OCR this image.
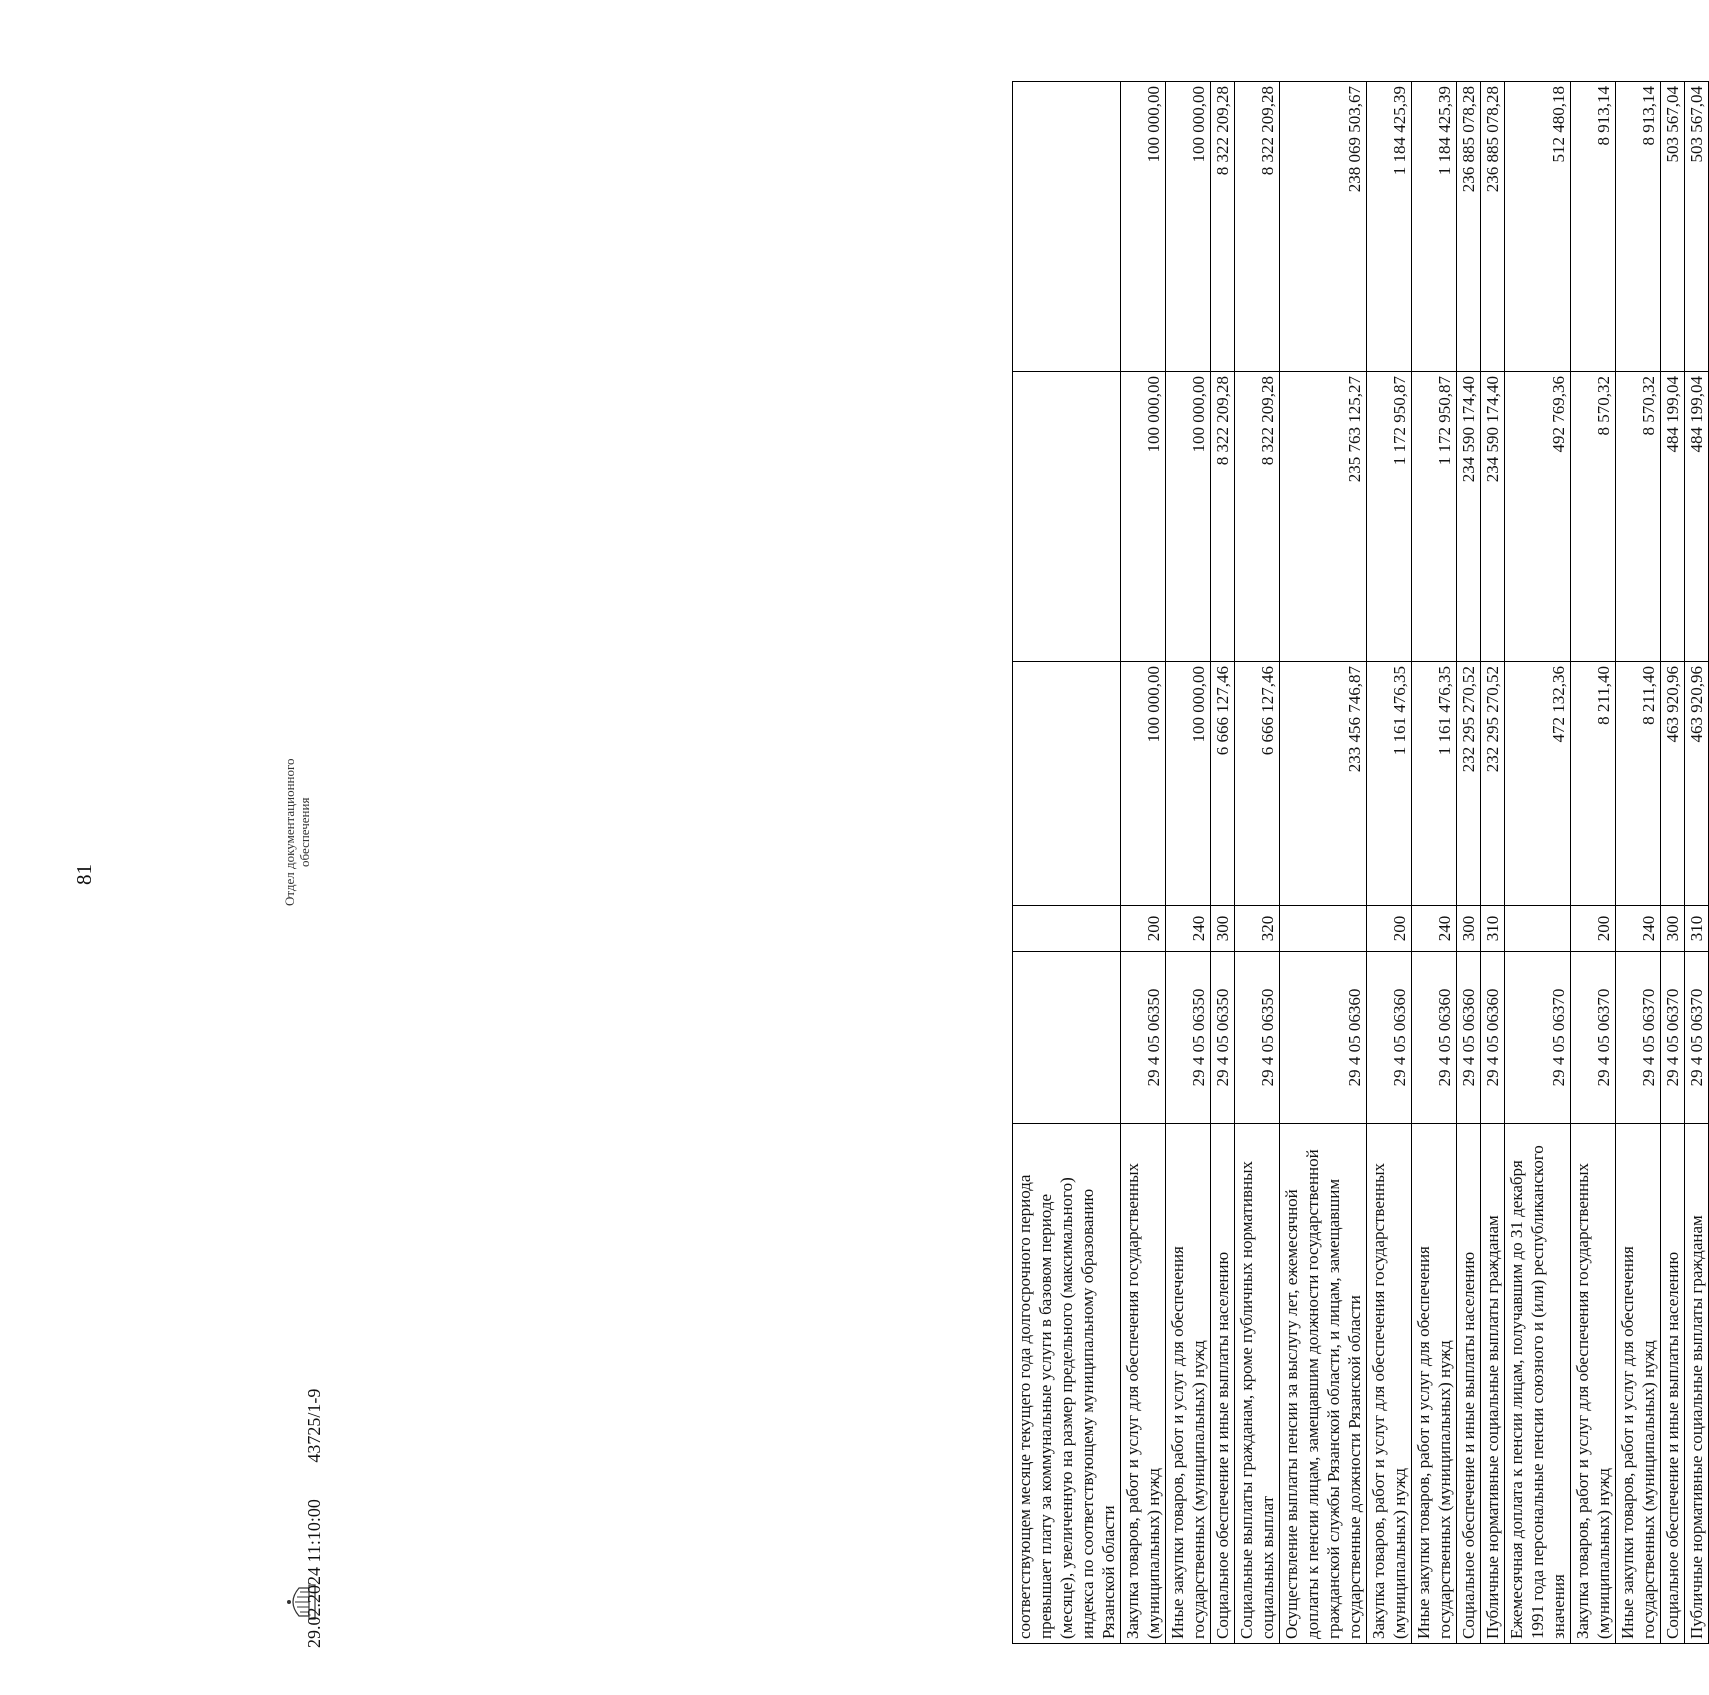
81
соответствующем месяце текущего года долгосрочного периода превышает плату за коммунальные услуги в базовом периоде (месяце), увеличенную на размер предельного (максимального) индекса по соответствующему муниципальному образованию Рязанской области					
Закупка товаров, работ и услуг для обеспечения государственных (муниципальных) нужд	29 4 05 06350	200	100 000,00	100 000,00	100 000,00
Иные закупки товаров, работ и услуг для обеспечения государственных (муниципальных) нужд	29 4 05 06350	240	100 000,00	100 000,00	100 000,00
Социальное обеспечение и иные выплаты населению	29 4 05 06350	300	6 666 127,46	8 322 209,28	8 322 209,28
Социальные выплаты гражданам, кроме публичных нормативных социальных выплат	29 4 05 06350	320	6 666 127,46	8 322 209,28	8 322 209,28
Осуществление выплаты пенсии за выслугу лет, ежемесячной доплаты к пенсии лицам, замещавшим должности государственной гражданской службы Рязанской области, и лицам, замещавшим государственные должности Рязанской области	29 4 05 06360		233 456 746,87	235 763 125,27	238 069 503,67
Закупка товаров, работ и услуг для обеспечения государственных (муниципальных) нужд	29 4 05 06360	200	1 161 476,35	1 172 950,87	1 184 425,39
Иные закупки товаров, работ и услуг для обеспечения государственных (муниципальных) нужд	29 4 05 06360	240	1 161 476,35	1 172 950,87	1 184 425,39
Социальное обеспечение и иные выплаты населению	29 4 05 06360	300	232 295 270,52	234 590 174,40	236 885 078,28
Публичные нормативные социальные выплаты гражданам	29 4 05 06360	310	232 295 270,52	234 590 174,40	236 885 078,28
Ежемесячная доплата к пенсии лицам, получавшим до 31 декабря 1991 года персональные пенсии союзного и (или) республиканского значения	29 4 05 06370		472 132,36	492 769,36	512 480,18
Закупка товаров, работ и услуг для обеспечения государственных (муниципальных) нужд	29 4 05 06370	200	8 211,40	8 570,32	8 913,14
Иные закупки товаров, работ и услуг для обеспечения государственных (муниципальных) нужд	29 4 05 06370	240	8 211,40	8 570,32	8 913,14
Социальное обеспечение и иные выплаты населению	29 4 05 06370	300	463 920,96	484 199,04	503 567,04
Публичные нормативные социальные выплаты гражданам	29 4 05 06370	310	463 920,96	484 199,04	503 567,04
Отдел документационного обеспечения
29.02.2024 11:10:00 43725/1-9
